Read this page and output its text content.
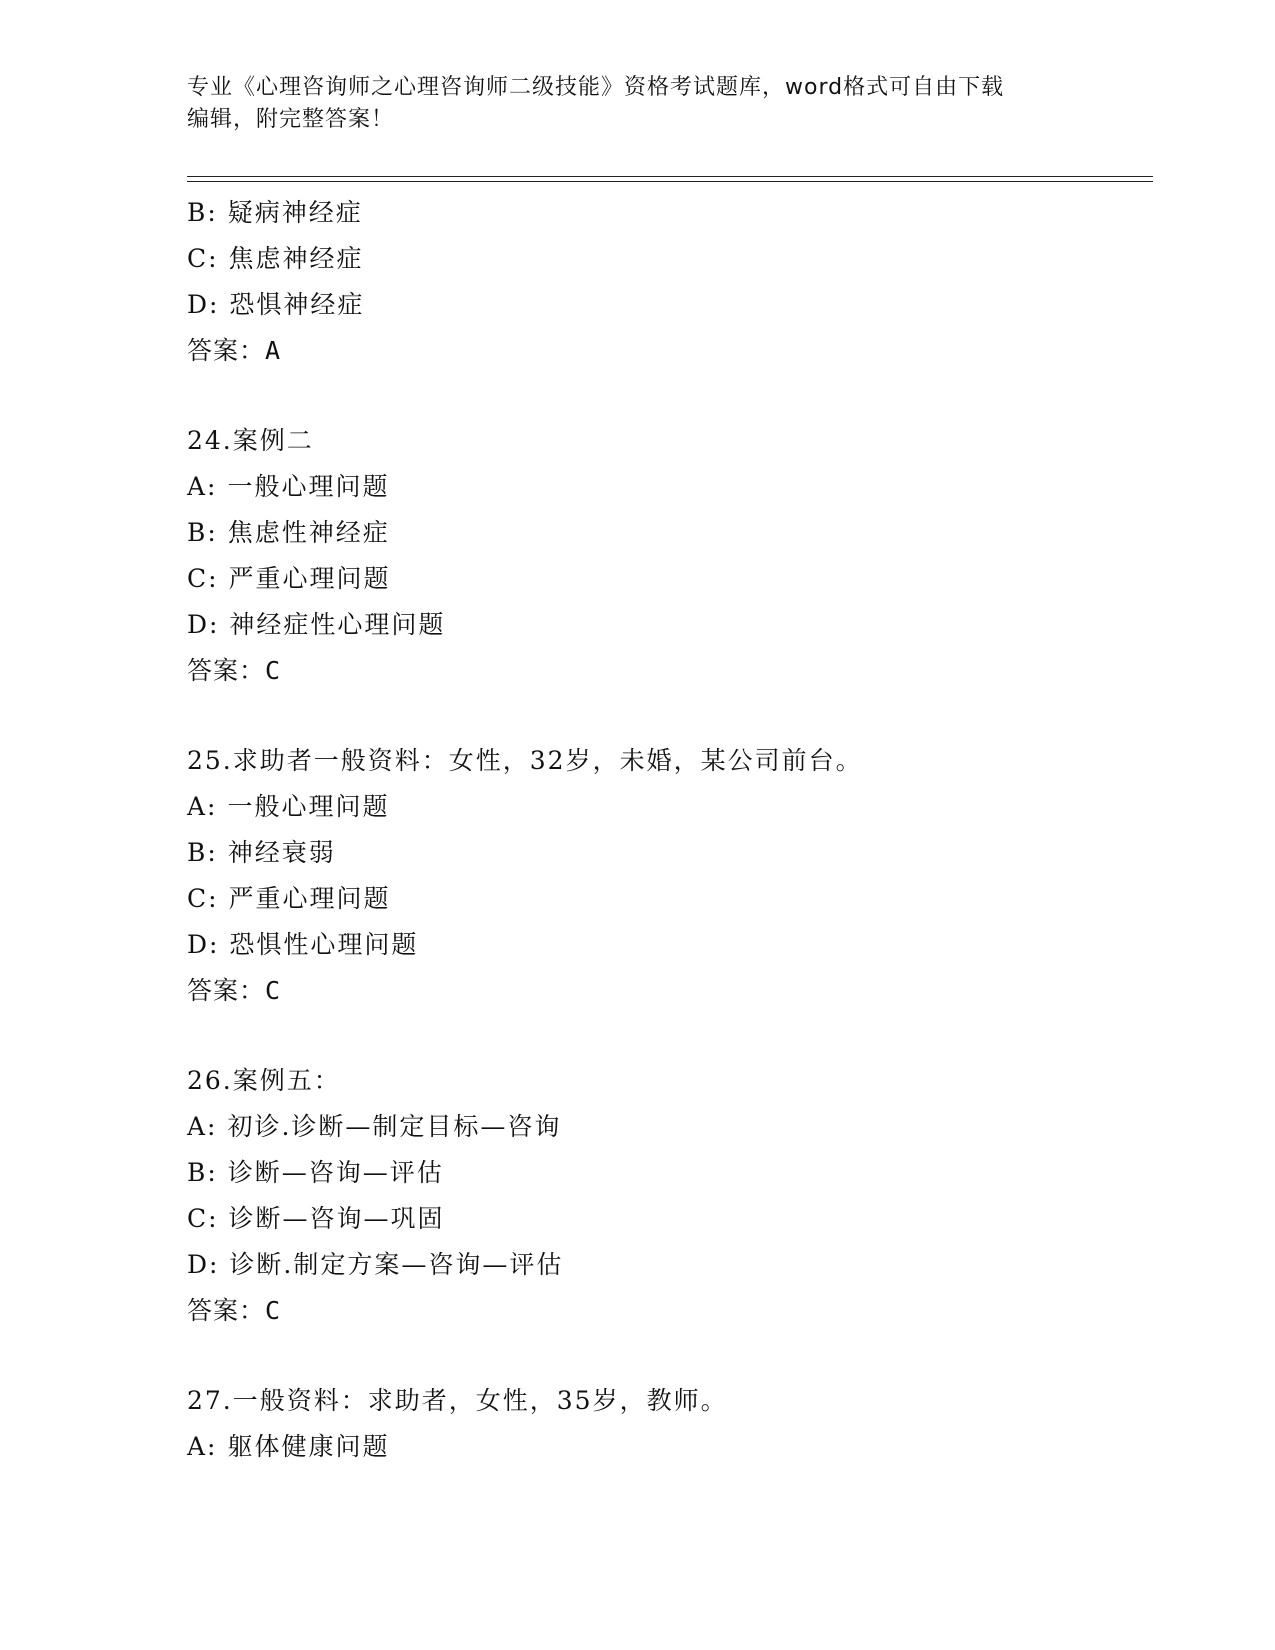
专业《心理咨询师之心理咨询师二级技能》资格考试题库，word格式可自由下载
编辑，附完整答案！
B: 疑病神经症
C: 焦虑神经症
D: 恐惧神经症
答案：A
24.案例二
A: 一般心理问题
B: 焦虑性神经症
C: 严重心理问题
D: 神经症性心理问题
答案：C
25.求助者一般资料：女性，32岁，未婚，某公司前台。
A: 一般心理问题
B: 神经衰弱
C: 严重心理问题
D: 恐惧性心理问题
答案：C
26.案例五：
A: 初诊.诊断—制定目标—咨询
B: 诊断—咨询—评估
C: 诊断—咨询—巩固
D: 诊断.制定方案—咨询—评估
答案：C
27.一般资料：求助者，女性，35岁，教师。
A: 躯体健康问题
